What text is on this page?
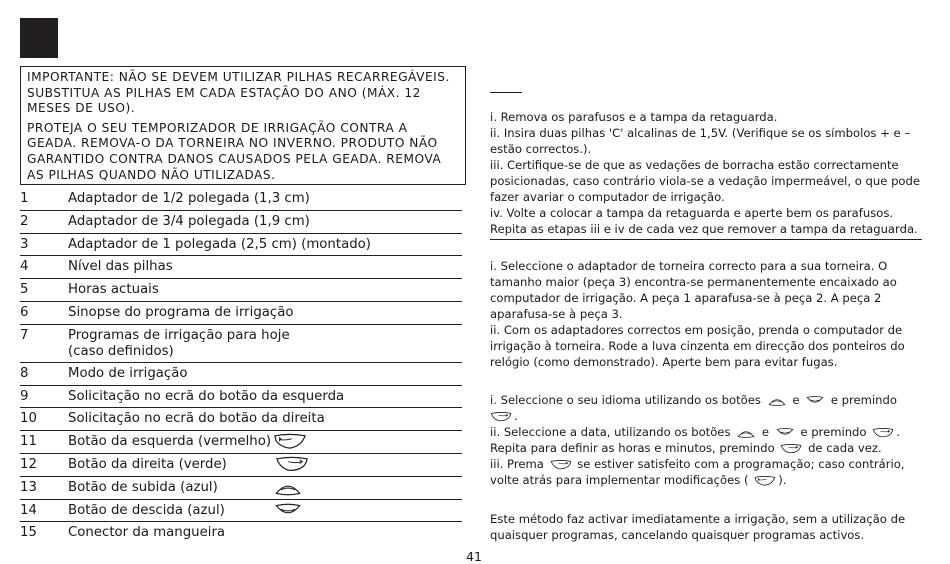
IMPORTANTE: NÃO SE DEVEM UTILIZAR PILHAS RECARREGÁVEIS. SUBSTITUA AS PILHAS EM CADA ESTAÇÃO DO ANO (MÁX. 12 MESES DE USO).

PROTEJA O SEU TEMPORIZADOR DE IRRIGAÇÃO CONTRA A GEADA. REMOVA-O DA TORNEIRA NO INVERNO. PRODUTO NÃO GARANTIDO CONTRA DANOS CAUSADOS PELA GEADA. REMOVA AS PILHAS QUANDO NÃO UTILIZADAS.

1	Adaptador de 1/2 polegada (1,3 cm)
2	Adaptador de 3/4 polegada (1,9 cm)
3	Adaptador de 1 polegada (2,5 cm) (montado)
4	Nível das pilhas
5	Horas actuais
6	Sinopse do programa de irrigação
7	Programas de irrigação para hoje
(caso definidos)
8	Modo de irrigação
9	Solicitação no ecrã do botão da esquerda
10	Solicitação no ecrã do botão da direita
11	Botão da esquerda (vermelho)
12	Botão da direita (verde)
13	Botão de subida (azul)
14	Botão de descida (azul)
15	Conector da mangueira

i. Remova os parafusos e a tampa da retaguarda.

ii. Insira duas pilhas 'C' alcalinas de 1,5V. (Verifique se os símbolos + e – estão correctos.).

iii. Certifique-se de que as vedações de borracha estão correctamente posicionadas, caso contrário viola-se a vedação impermeável, o que pode fazer avariar o computador de irrigação.

iv. Volte a colocar a tampa da retaguarda e aperte bem os parafusos. Repita as etapas iii e iv de cada vez que remover a tampa da retaguarda.

i. Seleccione o adaptador de torneira correcto para a sua torneira. O tamanho maior (peça 3) encontra-se permanentemente encaixado ao computador de irrigação. A peça 1 aparafusa-se à peça 2. A peça 2 aparafusa-se à peça 3.

ii. Com os adaptadores correctos em posição, prenda o computador de irrigação à torneira. Rode a luva cinzenta em direcção dos ponteiros do relógio (como demonstrado). Aperte bem para evitar fugas.

i. Seleccione o seu idioma utilizando os botões	e	e premindo
.

ii. Seleccione a data, utilizando os botões	e	e premindo	.
Repita para definir as horas e minutos, premindo	de cada vez.

iii. Prema	se estiver satisfeito com a programação; caso contrário, volte atrás para implementar modificações (	).

Este método faz activar imediatamente a irrigação, sem a utilização de quaisquer programas, cancelando quaisquer programas activos.

41
